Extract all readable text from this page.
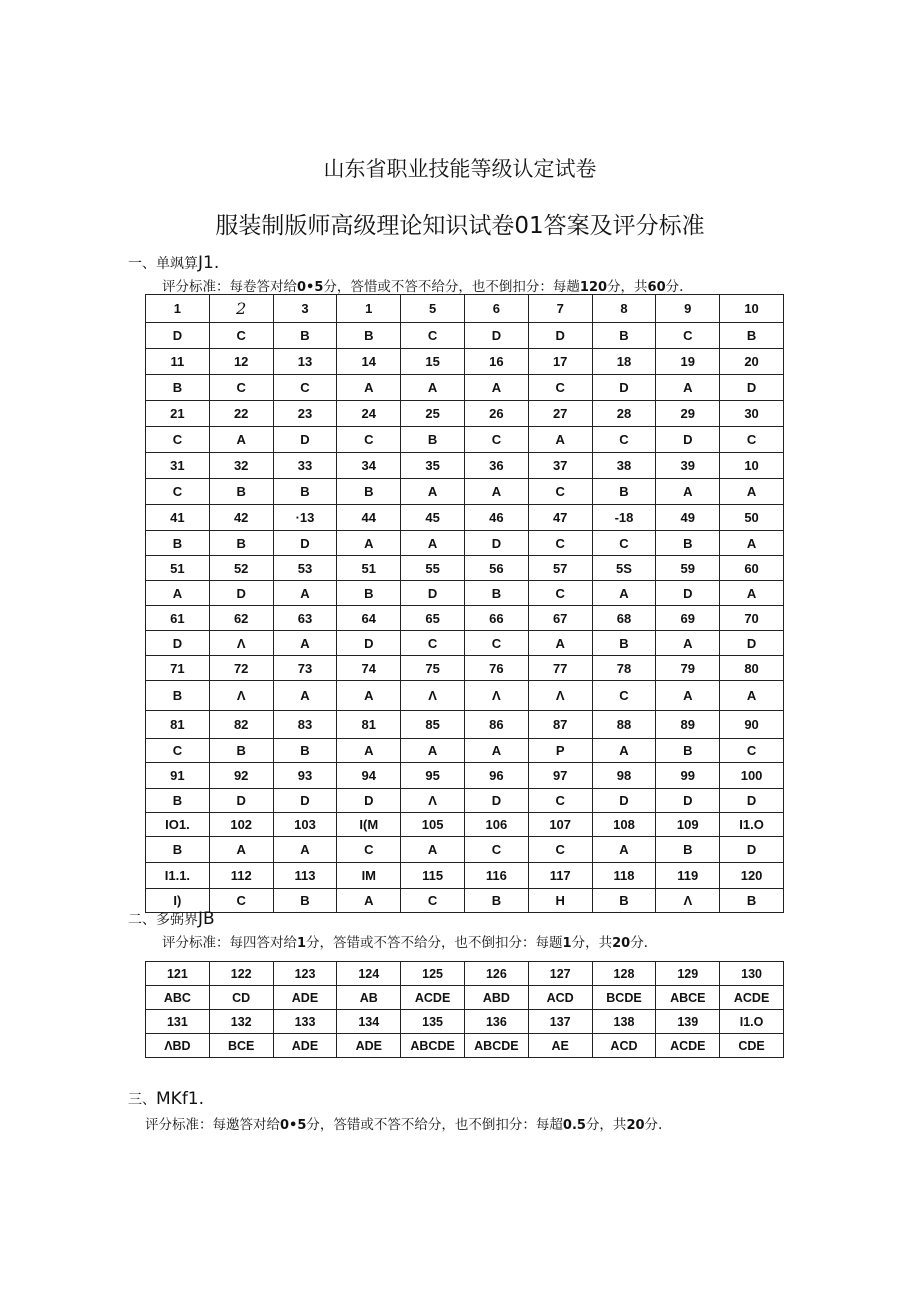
山东省职业技能等级认定试卷
服装制版师高级理论知识试卷01答案及评分标准
一、单飒算J1.
评分标准：每卷答对给0•5分，答惜或不答不给分，也不倒扣分：每趟120分，共60分.
1	2	3	1	5	6	7	8	9	10
D	C	B	B	C	D	D	B	C	B
11	12	13	14	15	16	17	18	19	20
B	C	C	A	A	A	C	D	A	D
21	22	23	24	25	26	27	28	29	30
C	A	D	C	B	C	A	C	D	C
31	32	33	34	35	36	37	38	39	10
C	B	B	B	A	A	C	B	A	A
41	42	·13	44	45	46	47	-18	49	50
B	B	D	A	A	D	C	C	B	A
51	52	53	51	55	56	57	5S	59	60
A	D	A	B	D	B	C	A	D	A
61	62	63	64	65	66	67	68	69	70
D	Λ	A	D	C	C	A	B	A	D
71	72	73	74	75	76	77	78	79	80
B	Λ	A	A	Λ	Λ	Λ	C	A	A
81	82	83	81	85	86	87	88	89	90
C	B	B	A	A	A	P	A	B	C
91	92	93	94	95	96	97	98	99	100
B	D	D	D	Λ	D	C	D	D	D
IO1.	102	103	I(M	105	106	107	108	109	I1.O
B	A	A	C	A	C	C	A	B	D
I1.1.	112	113	IM	115	116	117	118	119	120
I)	C	B	A	C	B	H	B	Λ	B
二、多弼界JB
评分标准：每四答对给1分，答错或不答不给分，也不倒扣分：每题1分，共20分.
121	122	123	124	125	126	127	128	129	130
ABC	CD	ADE	AB	ACDE	ABD	ACD	BCDE	ABCE	ACDE
131	132	133	134	135	136	137	138	139	I1.O
ΛBD	BCE	ADE	ADE	ABCDE	ABCDE	AE	ACD	ACDE	CDE
三、MKf1.
评分标准：每邀答对给0•5分，答错或不答不给分，也不倒扣分：每超0.5分，共20分.
